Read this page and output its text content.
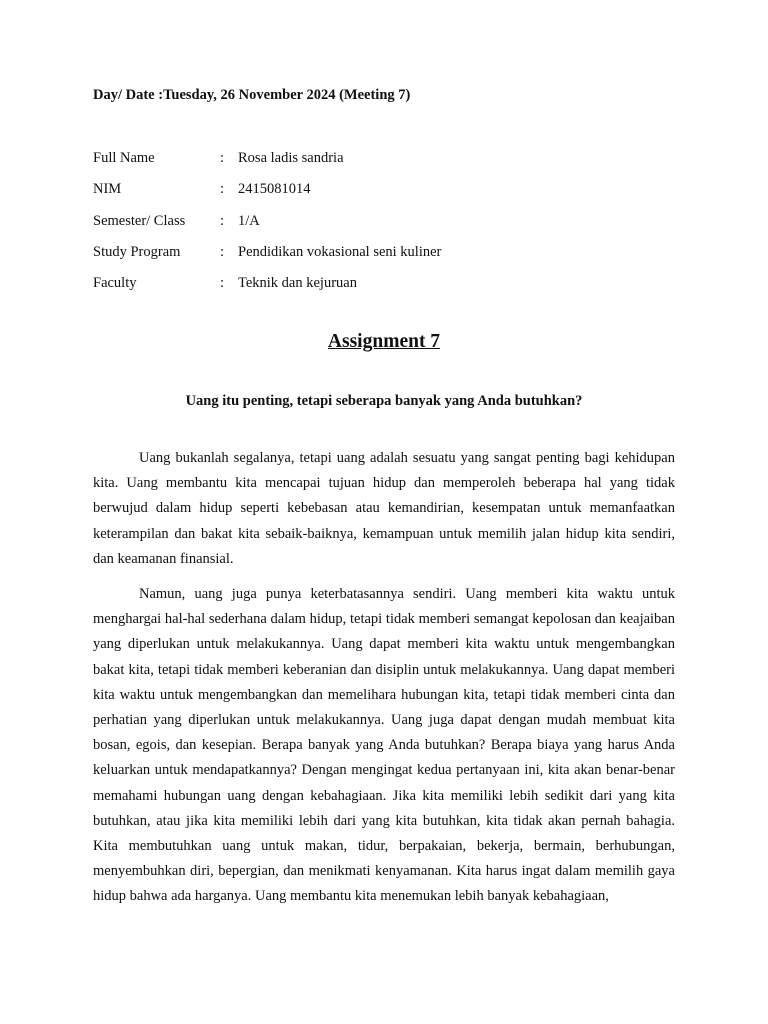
Day/ Date :Tuesday, 26 November 2024 (Meeting 7)
Full Name	: Rosa ladis sandria
NIM	: 2415081014
Semester/ Class : 1/A
Study Program	: Pendidikan vokasional seni kuliner
Faculty	: Teknik dan kejuruan
Assignment 7
Uang itu penting, tetapi seberapa banyak yang Anda butuhkan?

Uang bukanlah segalanya, tetapi uang adalah sesuatu yang sangat penting bagi kehidupan kita. Uang membantu kita mencapai tujuan hidup dan memperoleh beberapa hal yang tidak berwujud dalam hidup seperti kebebasan atau kemandirian, kesempatan untuk memanfaatkan keterampilan dan bakat kita sebaik-baiknya, kemampuan untuk memilih jalan hidup kita sendiri, dan keamanan finansial.

Namun, uang juga punya keterbatasannya sendiri. Uang memberi kita waktu untuk menghargai hal-hal sederhana dalam hidup, tetapi tidak memberi semangat kepolosan dan keajaiban yang diperlukan untuk melakukannya. Uang dapat memberi kita waktu untuk mengembangkan bakat kita, tetapi tidak memberi keberanian dan disiplin untuk melakukannya. Uang dapat memberi kita waktu untuk mengembangkan dan memelihara hubungan kita, tetapi tidak memberi cinta dan perhatian yang diperlukan untuk melakukannya. Uang juga dapat dengan mudah membuat kita bosan, egois, dan kesepian. Berapa banyak yang Anda butuhkan? Berapa biaya yang harus Anda keluarkan untuk mendapatkannya? Dengan mengingat kedua pertanyaan ini, kita akan benar-benar memahami hubungan uang dengan kebahagiaan. Jika kita memiliki lebih sedikit dari yang kita butuhkan, atau jika kita memiliki lebih dari yang kita butuhkan, kita tidak akan pernah bahagia. Kita membutuhkan uang untuk makan, tidur, berpakaian, bekerja, bermain, berhubungan, menyembuhkan diri, bepergian, dan menikmati kenyamanan. Kita harus ingat dalam memilih gaya hidup bahwa ada harganya. Uang membantu kita menemukan lebih banyak kebahagiaan,
